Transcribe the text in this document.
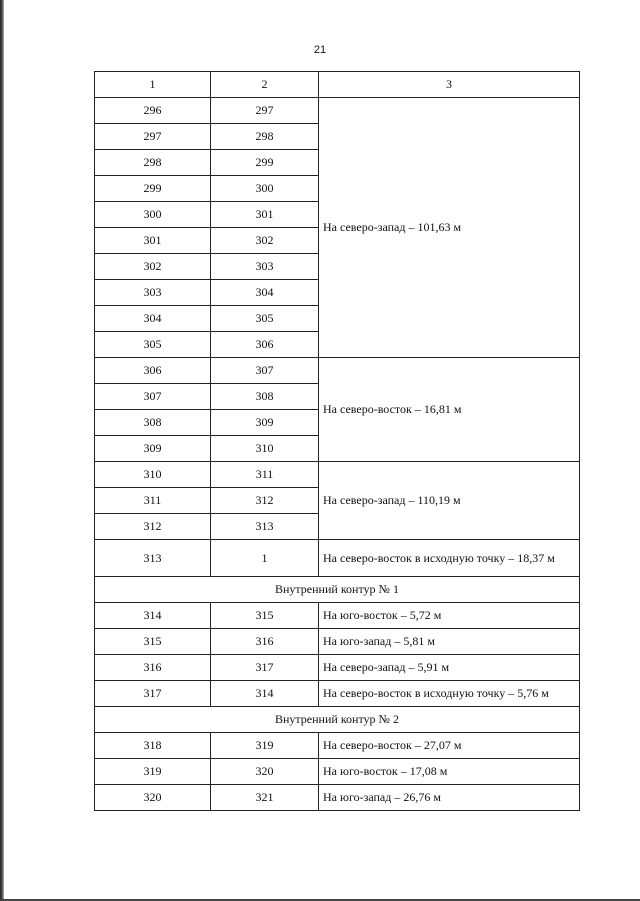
21
1	2	3
296	297	На северо-запад – 101,63 м
297	298	
298	299	
299	300	
300	301	
301	302	
302	303	
303	304	
304	305	
305	306	
306	307	На северо-восток – 16,81 м
307	308	
308	309	
309	310	
310	311	На северо-запад – 110,19 м
311	312	
312	313	
313	1	На северо-восток в исходную точку – 18,37 м
Внутренний контур № 1		
314	315	На юго-восток – 5,72 м
315	316	На юго-запад – 5,81 м
316	317	На северо-запад – 5,91 м
317	314	На северо-восток в исходную точку – 5,76 м
Внутренний контур № 2		
318	319	На северо-восток – 27,07 м
319	320	На юго-восток – 17,08 м
320	321	На юго-запад – 26,76 м
